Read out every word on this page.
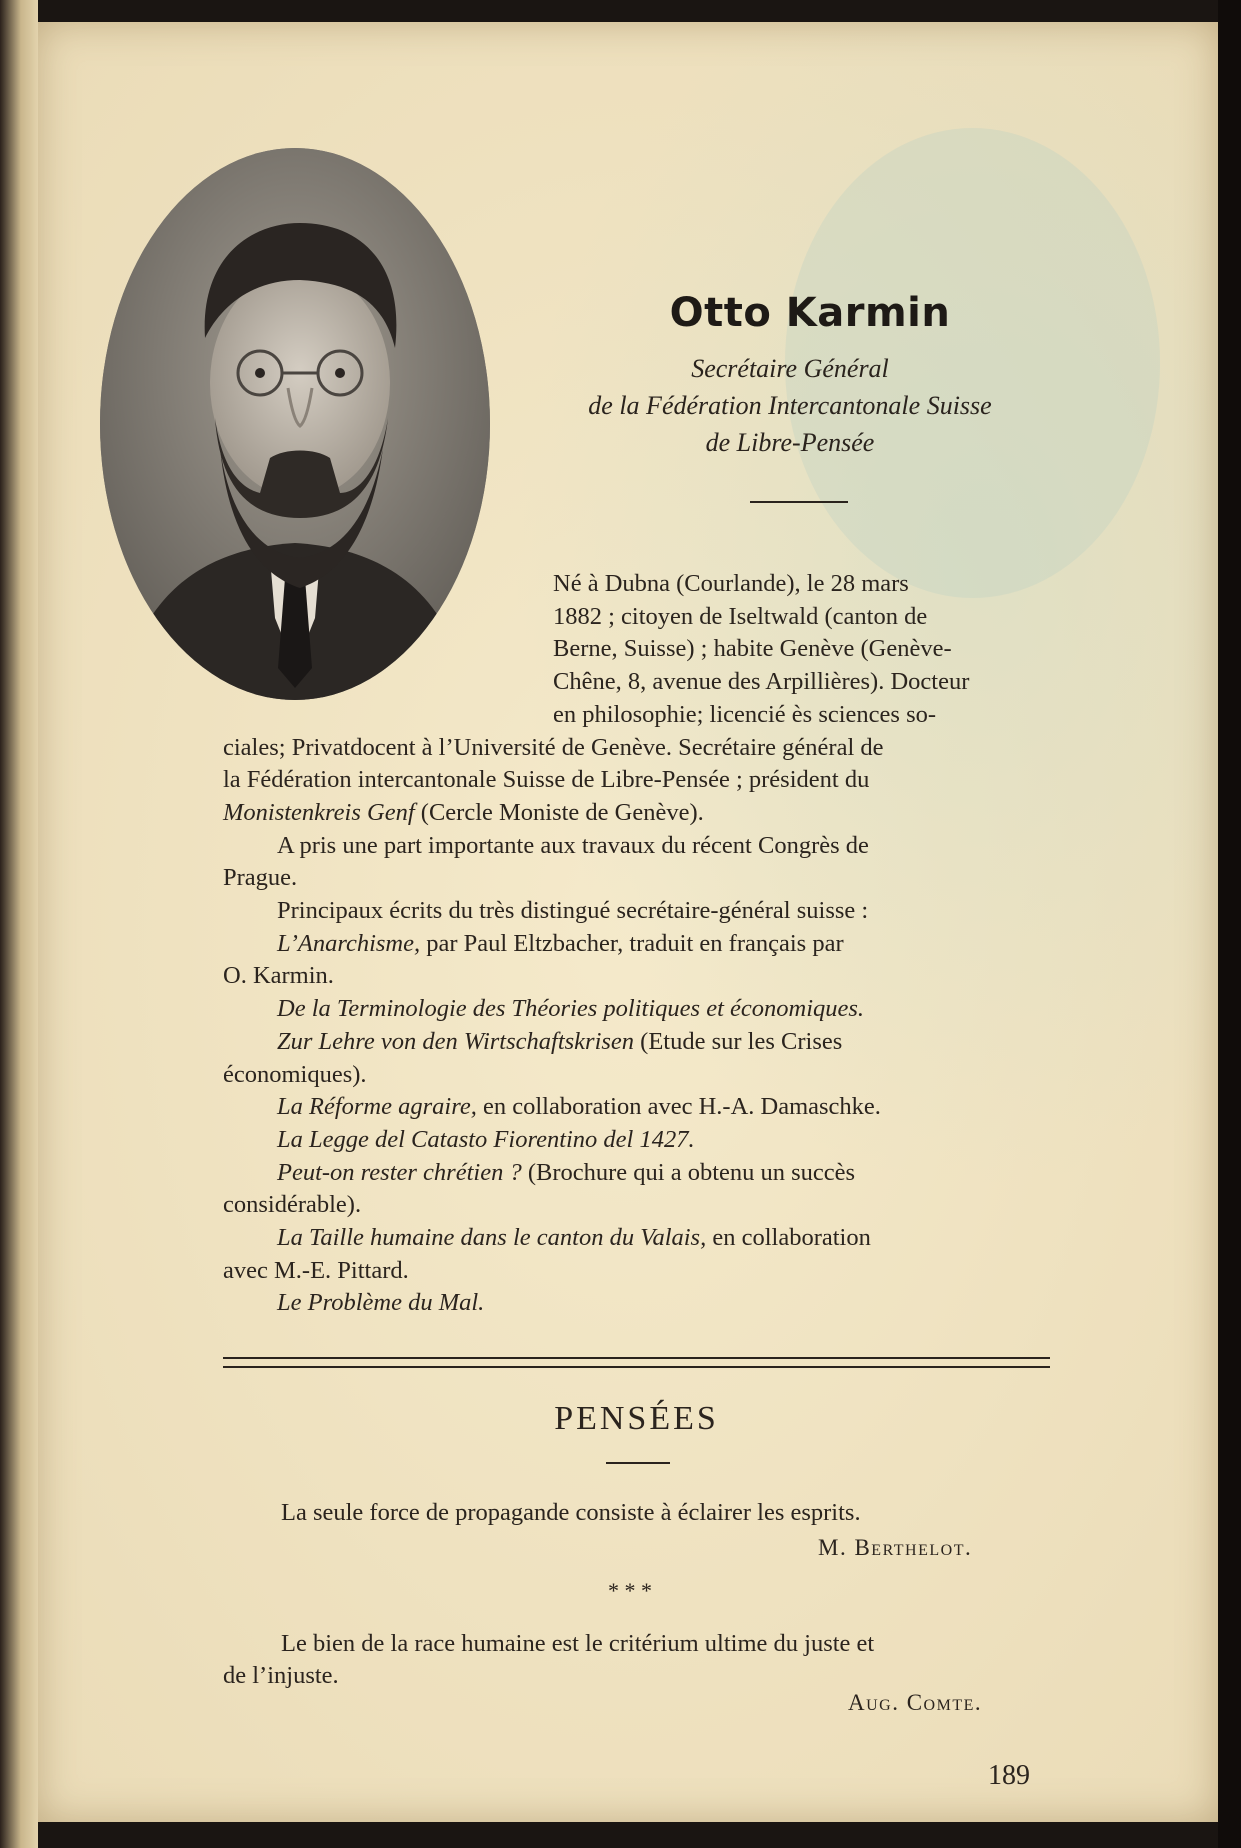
Otto Karmin
Secrétaire Général
de la Fédération Intercantonale Suisse
de Libre-Pensée
Né à Dubna (Courlande), le 28 mars
1882 ; citoyen de Iseltwald (canton de
Berne, Suisse) ; habite Genève (Genève-
Chêne, 8, avenue des Arpillières). Docteur
en philosophie; licencié ès sciences so-
ciales; Privatdocent à l’Université de Genève. Secrétaire général de
la Fédération intercantonale Suisse de Libre-Pensée ; président du
Monistenkreis Genf (Cercle Moniste de Genève).
A pris une part importante aux travaux du récent Congrès de
Prague.
Principaux écrits du très distingué secrétaire-général suisse :
L’Anarchisme, par Paul Eltzbacher, traduit en français par
O. Karmin.
De la Terminologie des Théories politiques et économiques.
Zur Lehre von den Wirtschaftskrisen (Etude sur les Crises
économiques).
La Réforme agraire, en collaboration avec H.-A. Damaschke.
La Legge del Catasto Fiorentino del 1427.
Peut-on rester chrétien ? (Brochure qui a obtenu un succès
considérable).
La Taille humaine dans le canton du Valais, en collaboration
avec M.-E. Pittard.
Le Problème du Mal.
PENSÉES
La seule force de propagande consiste à éclairer les esprits.
M. Berthelot.
* * *
Le bien de la race humaine est le critérium ultime du juste et
de l’injuste.
Aug. Comte.
189
